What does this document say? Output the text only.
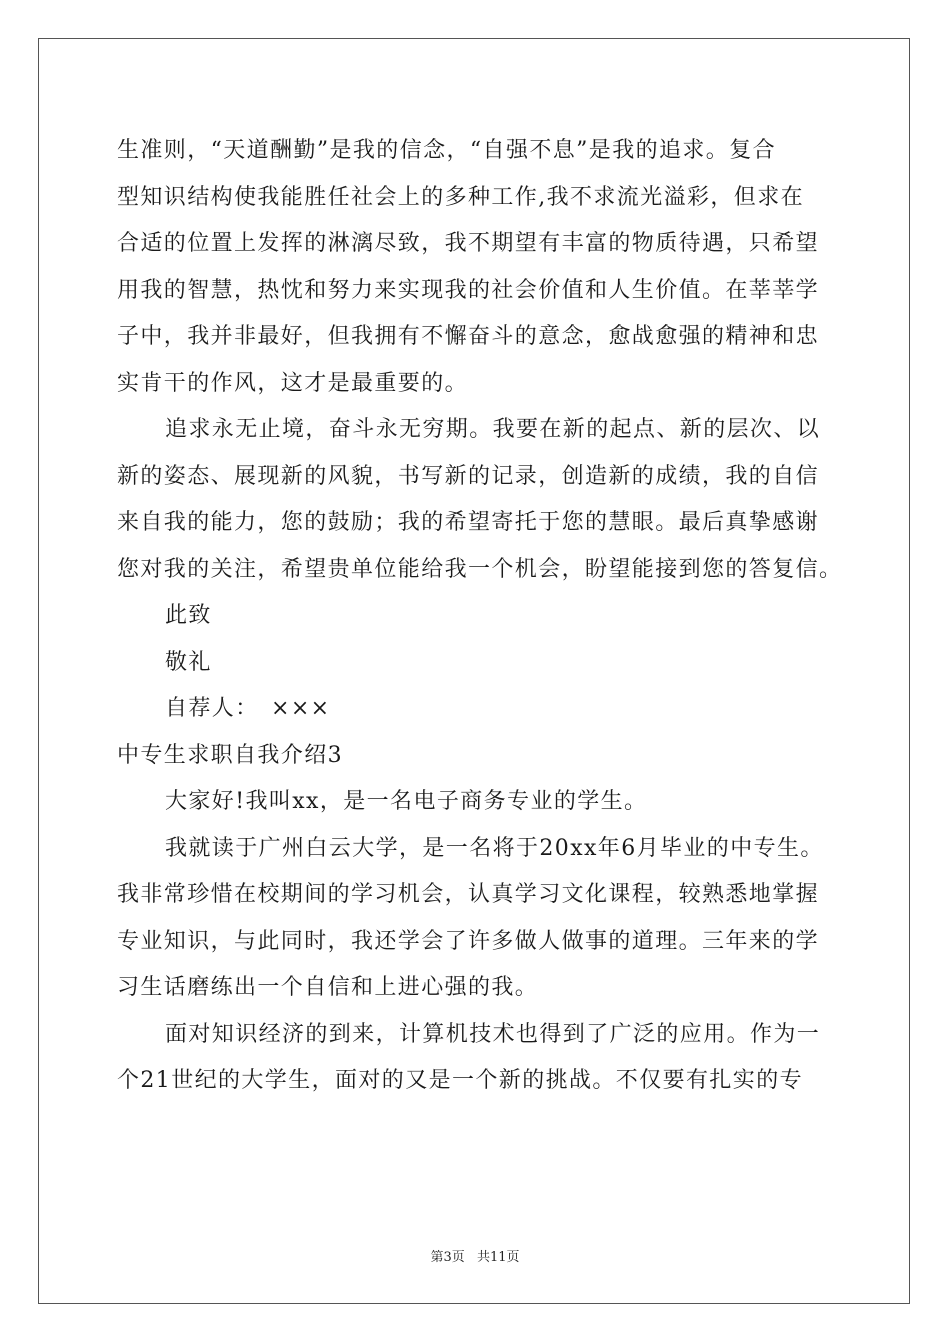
生准则，“天道酬勤”是我的信念，“自强不息”是我的追求。复合
型知识结构使我能胜任社会上的多种工作,我不求流光溢彩，但求在
合适的位置上发挥的淋漓尽致，我不期望有丰富的物质待遇，只希望
用我的智慧，热忱和努力来实现我的社会价值和人生价值。在莘莘学
子中，我并非最好，但我拥有不懈奋斗的意念，愈战愈强的精神和忠
实肯干的作风，这才是最重要的。
追求永无止境，奋斗永无穷期。我要在新的起点、新的层次、以
新的姿态、展现新的风貌，书写新的记录，创造新的成绩，我的自信
来自我的能力，您的鼓励；我的希望寄托于您的慧眼。最后真挚感谢
您对我的关注，希望贵单位能给我一个机会，盼望能接到您的答复信。
此致
敬礼
自荐人：　×××
中专生求职自我介绍3
大家好!我叫xx，是一名电子商务专业的学生。
我就读于广州白云大学，是一名将于20xx年6月毕业的中专生。
我非常珍惜在校期间的学习机会，认真学习文化课程，较熟悉地掌握
专业知识，与此同时，我还学会了许多做人做事的道理。三年来的学
习生话磨练出一个自信和上进心强的我。
面对知识经济的到来，计算机技术也得到了广泛的应用。作为一
个21世纪的大学生，面对的又是一个新的挑战。不仅要有扎实的专
第3页 共11页
